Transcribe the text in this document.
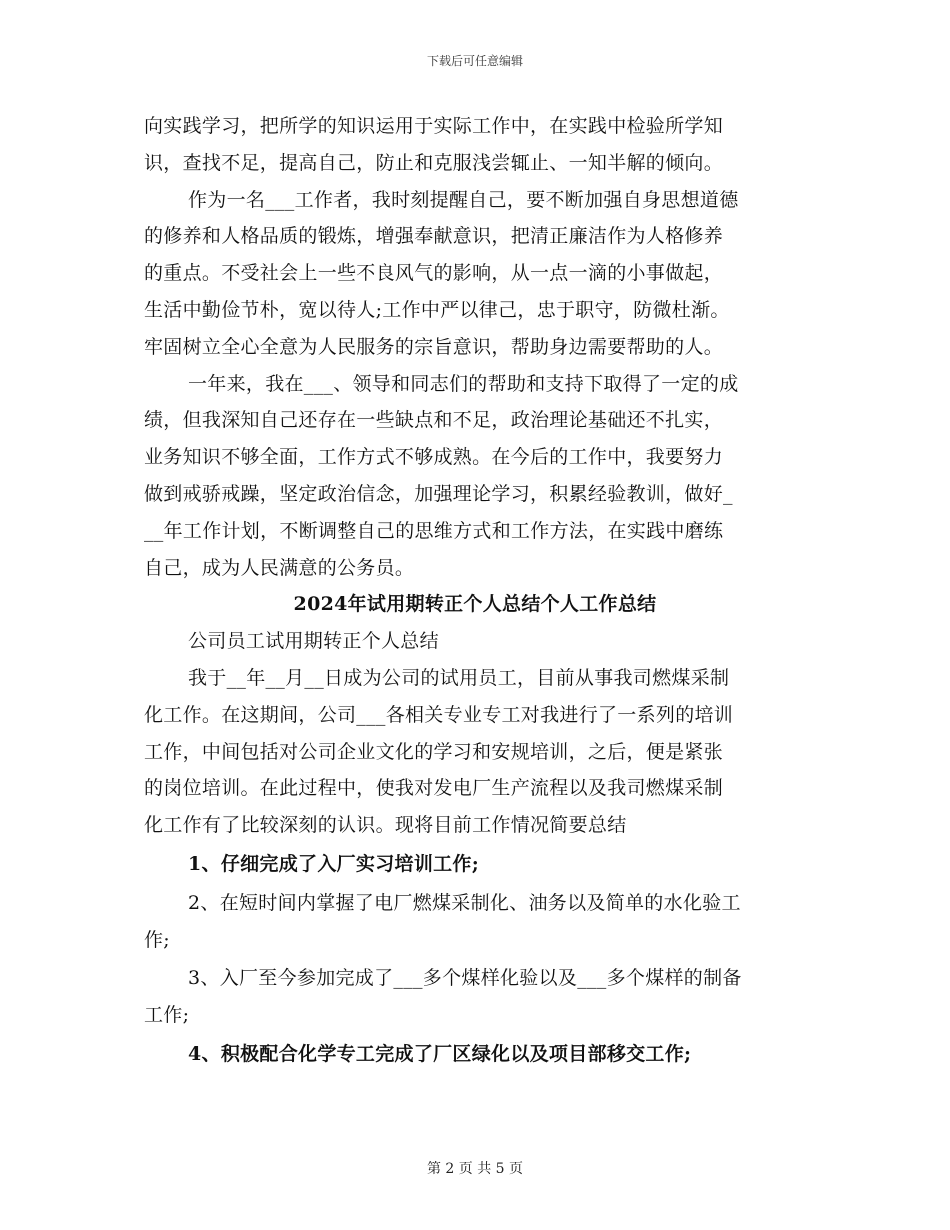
下载后可任意编辑
向实践学习，把所学的知识运用于实际工作中，在实践中检验所学知
识，查找不足，提高自己，防止和克服浅尝辄止、一知半解的倾向。
作为一名___工作者，我时刻提醒自己，要不断加强自身思想道德
的修养和人格品质的锻炼，增强奉献意识，把清正廉洁作为人格修养
的重点。不受社会上一些不良风气的影响，从一点一滴的小事做起，
生活中勤俭节朴，宽以待人;工作中严以律己，忠于职守，防微杜渐。
牢固树立全心全意为人民服务的宗旨意识，帮助身边需要帮助的人。
一年来，我在___、领导和同志们的帮助和支持下取得了一定的成
绩，但我深知自己还存在一些缺点和不足，政治理论基础还不扎实，
业务知识不够全面，工作方式不够成熟。在今后的工作中，我要努力
做到戒骄戒躁，坚定政治信念，加强理论学习，积累经验教训，做好_
__年工作计划，不断调整自己的思维方式和工作方法，在实践中磨练
自己，成为人民满意的公务员。
2024年试用期转正个人总结个人工作总结
公司员工试用期转正个人总结
我于__年__月__日成为公司的试用员工，目前从事我司燃煤采制
化工作。在这期间，公司___各相关专业专工对我进行了一系列的培训
工作，中间包括对公司企业文化的学习和安规培训，之后，便是紧张
的岗位培训。在此过程中，使我对发电厂生产流程以及我司燃煤采制
化工作有了比较深刻的认识。现将目前工作情况简要总结
1、仔细完成了入厂实习培训工作;
2、在短时间内掌握了电厂燃煤采制化、油务以及简单的水化验工
作;
3、入厂至今参加完成了___多个煤样化验以及___多个煤样的制备
工作;
4、积极配合化学专工完成了厂区绿化以及项目部移交工作;
第 2 页 共 5 页
